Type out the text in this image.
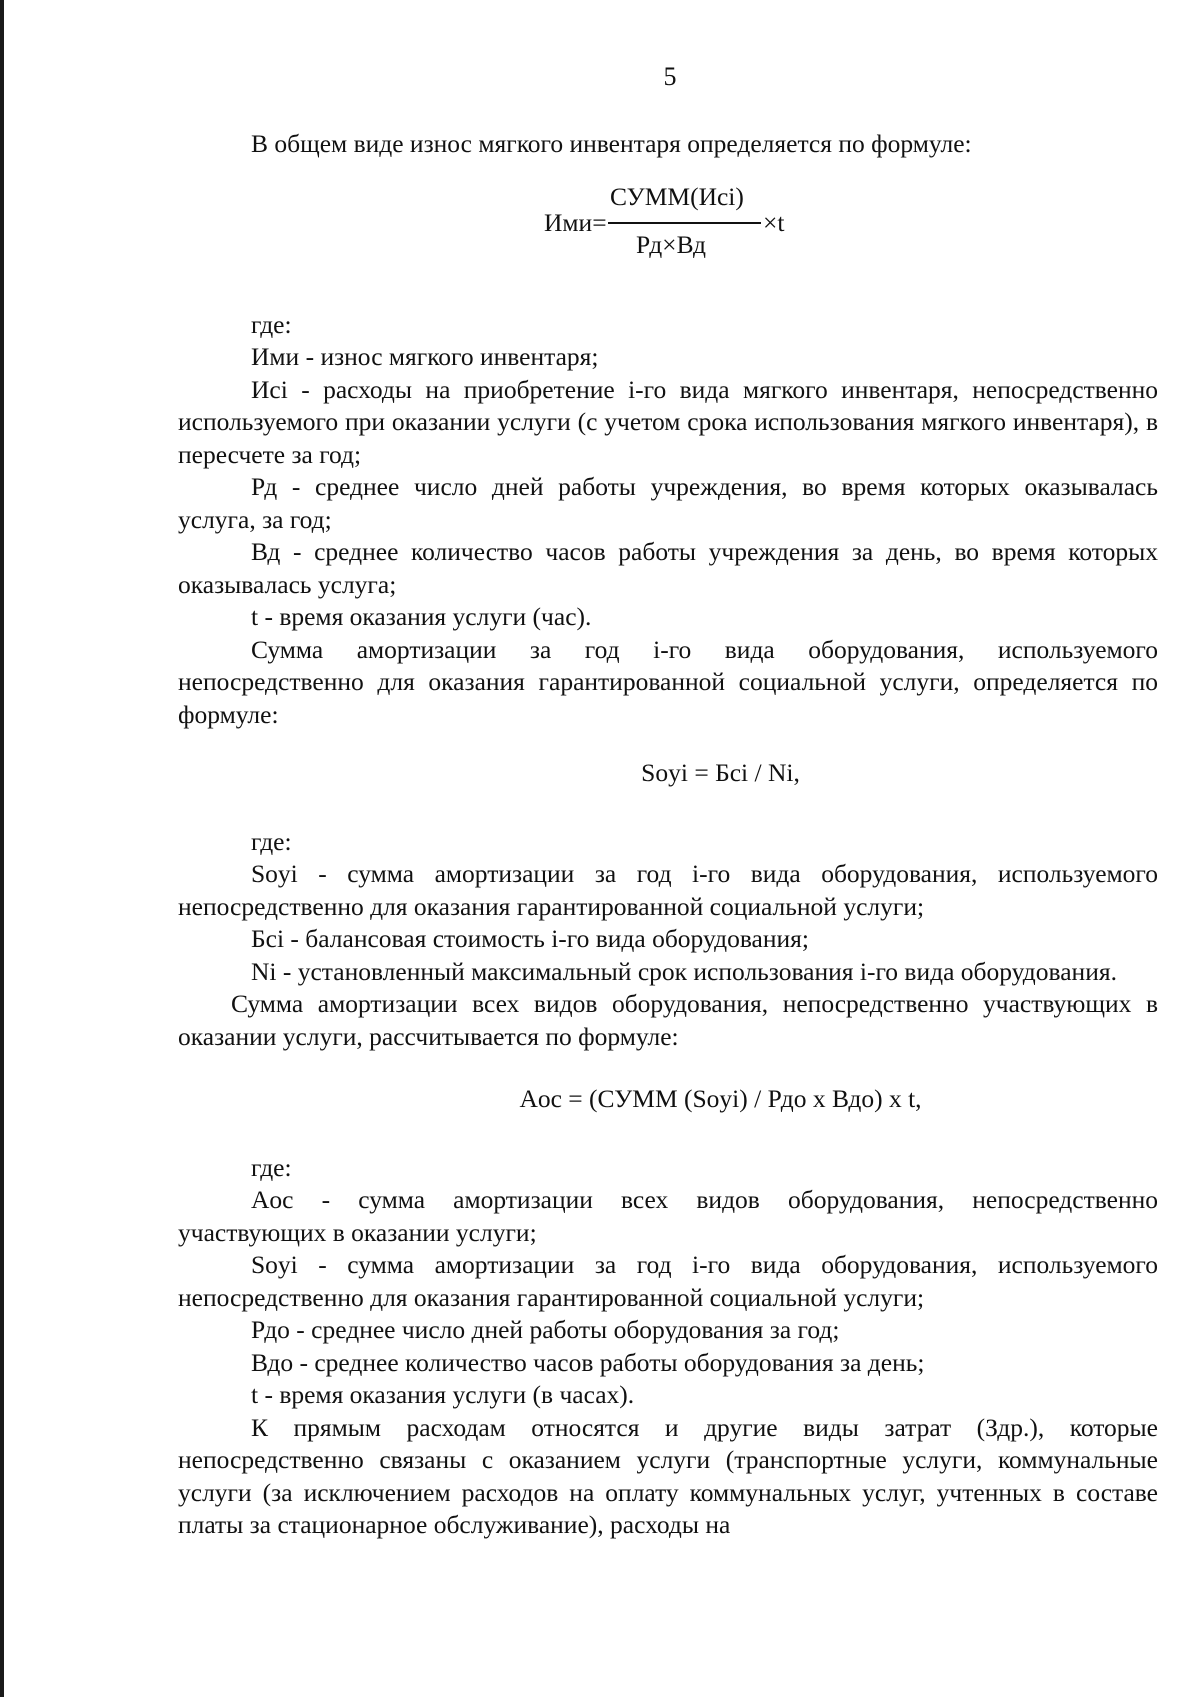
5

В общем виде износ мягкого инвентаря определяется по формуле:

Ими=
СУММ(Иcі)
Рд×Вд
×t

где:

Ими - износ мягкого инвентаря;

Иcі - расходы на приобретение і-го вида мягкого инвентаря, непосредственно используемого при оказании услуги (с учетом срока использования мягкого инвентаря), в пересчете за год;

Рд - среднее число дней работы учреждения, во время которых оказывалась услуга, за год;

Вд - среднее количество часов работы учреждения за день, во время которых оказывалась услуга;

t - время оказания услуги (час).

Сумма амортизации за год і-го вида оборудования, используемого непосредственно для оказания гарантированной социальной услуги, определяется по формуле:

Soyi = Бci / Ni,

где:

Soyi - сумма амортизации за год і-го вида оборудования, используемого непосредственно для оказания гарантированной социальной услуги;

Бci - балансовая стоимость і-го вида оборудования;

Ni - установленный максимальный срок использования і-го вида оборудования.

Сумма амортизации всех видов оборудования, непосредственно участвующих в оказании услуги, рассчитывается по формуле:

Аoc = (СУММ (Soyi) / Рдо x Вдо) x t,

где:

Аoc - сумма амортизации всех видов оборудования, непосредственно участвующих в оказании услуги;

Soyi - сумма амортизации за год і-го вида оборудования, используемого непосредственно для оказания гарантированной социальной услуги;

Рдо - среднее число дней работы оборудования за год;

Вдо - среднее количество часов работы оборудования за день;

t - время оказания услуги (в часах).

К прямым расходам относятся и другие виды затрат (Здр.), которые непосредственно связаны с оказанием услуги (транспортные услуги, коммунальные услуги (за исключением расходов на оплату коммунальных услуг, учтенных в составе платы за стационарное обслуживание), расходы на
